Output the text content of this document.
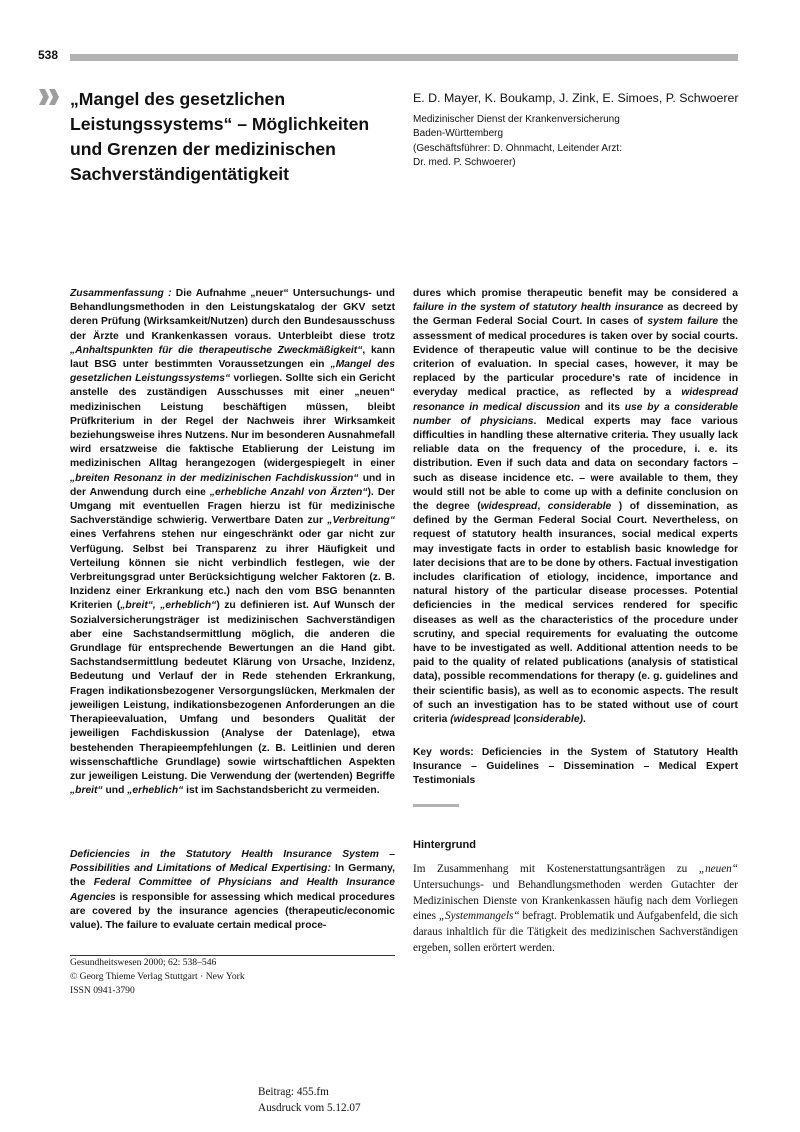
538
„Mangel des gesetzlichen Leistungssystems“ – Möglichkeiten und Grenzen der medizinischen Sachverständigentätigkeit
E. D. Mayer, K. Boukamp, J. Zink, E. Simoes, P. Schwoerer
Medizinischer Dienst der Krankenversicherung
Baden-Württemberg
(Geschäftsführer: D. Ohnmacht, Leitender Arzt:
Dr. med. P. Schwoerer)

Zusammenfassung : Die Aufnahme „neuer“ Untersuchungs- und Behandlungsmethoden in den Leistungskatalog der GKV setzt deren Prüfung (Wirksamkeit/Nutzen) durch den Bundesausschuss der Ärzte und Krankenkassen voraus. Unterbleibt diese trotz „Anhaltspunkten für die therapeutische Zweckmäßigkeit“, kann laut BSG unter bestimmten Voraussetzungen ein „Mangel des gesetzlichen Leistungssystems“ vorliegen. Sollte sich ein Gericht anstelle des zuständigen Ausschusses mit einer „neuen“ medizinischen Leistung beschäftigen müssen, bleibt Prüfkriterium in der Regel der Nachweis ihrer Wirksamkeit beziehungsweise ihres Nutzens. Nur im besonderen Ausnahmefall wird ersatzweise die faktische Etablierung der Leistung im medizinischen Alltag herangezogen (widergespiegelt in einer „breiten Resonanz in der medizinischen Fachdiskussion“ und in der Anwendung durch eine „erhebliche Anzahl von Ärzten“). Der Umgang mit eventuellen Fragen hierzu ist für medizinische Sachverständige schwierig. Verwertbare Daten zur „Verbreitung“ eines Verfahrens stehen nur eingeschränkt oder gar nicht zur Verfügung. Selbst bei Transparenz zu ihrer Häufigkeit und Verteilung können sie nicht verbindlich festlegen, wie der Verbreitungsgrad unter Berücksichtigung welcher Faktoren (z. B. Inzidenz einer Erkrankung etc.) nach den vom BSG benannten Kriterien („breit“, „erheblich“) zu definieren ist. Auf Wunsch der Sozialversicherungsträger ist medizinischen Sachverständigen aber eine Sachstandsermittlung möglich, die anderen die Grundlage für entsprechende Bewertungen an die Hand gibt. Sachstandsermittlung bedeutet Klärung von Ursache, Inzidenz, Bedeutung und Verlauf der in Rede stehenden Erkrankung, Fragen indikationsbezogener Versorgungslücken, Merkmalen der jeweiligen Leistung, indikationsbezogenen Anforderungen an die Therapieevaluation, Umfang und besonders Qualität der jeweiligen Fachdiskussion (Analyse der Datenlage), etwa bestehenden Therapieempfehlungen (z. B. Leitlinien und deren wissenschaftliche Grundlage) sowie wirtschaftlichen Aspekten zur jeweiligen Leistung. Die Verwendung der (wertenden) Begriffe „breit“ und „erheblich“ ist im Sachstandsbericht zu vermeiden.

Deficiencies in the Statutory Health Insurance System – Possibilities and Limitations of Medical Expertising: In Germany, the Federal Committee of Physicians and Health Insurance Agencies is responsible for assessing which medical procedures are covered by the insurance agencies (therapeutic/economic value). The failure to evaluate certain medical proce-

dures which promise therapeutic benefit may be considered a failure in the system of statutory health insurance as decreed by the German Federal Social Court. In cases of system failure the assessment of medical procedures is taken over by social courts. Evidence of therapeutic value will continue to be the decisive criterion of evaluation. In special cases, however, it may be replaced by the particular procedure's rate of incidence in everyday medical practice, as reflected by a widespread resonance in medical discussion and its use by a considerable number of physicians. Medical experts may face various difficulties in handling these alternative criteria. They usually lack reliable data on the frequency of the procedure, i. e. its distribution. Even if such data and data on secondary factors – such as disease incidence etc. – were available to them, they would still not be able to come up with a definite conclusion on the degree (widespread, considerable ) of dissemination, as defined by the German Federal Social Court. Nevertheless, on request of statutory health insurances, social medical experts may investigate facts in order to establish basic knowledge for later decisions that are to be done by others. Factual investigation includes clarification of etiology, incidence, importance and natural history of the particular disease processes. Potential deficiencies in the medical services rendered for specific diseases as well as the characteristics of the procedure under scrutiny, and special requirements for evaluating the outcome have to be investigated as well. Additional attention needs to be paid to the quality of related publications (analysis of statistical data), possible recommendations for therapy (e. g. guidelines and their scientific basis), as well as to economic aspects. The result of such an investigation has to be stated without use of court criteria (widespread |considerable).

Key words: Deficiencies in the System of Statutory Health Insurance – Guidelines – Dissemination – Medical Expert Testimonials

Hintergrund

Im Zusammenhang mit Kostenerstattungsanträgen zu „neuen“ Untersuchungs- und Behandlungsmethoden werden Gutachter der Medizinischen Dienste von Krankenkassen häufig nach dem Vorliegen eines „Systemmangels“ befragt. Problematik und Aufgabenfeld, die sich daraus inhaltlich für die Tätigkeit des medizinischen Sachverständigen ergeben, sollen erörtert werden.

Gesundheitswesen 2000; 62: 538–546
© Georg Thieme Verlag Stuttgart · New York
ISSN 0941-3790
Beitrag: 455.fm
Ausdruck vom 5.12.07
